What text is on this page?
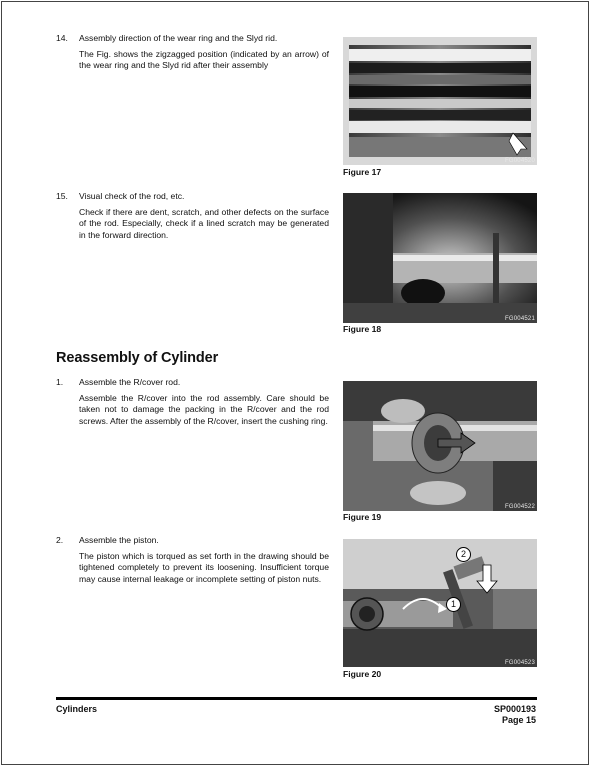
14. Assembly direction of the wear ring and the Slyd rid.
The Fig. shows the zigzagged position (indicated by an arrow) of the wear ring and the Slyd rid after their assembly
FG004520
Figure 17
15. Visual check of the rod, etc.
Check if there are dent, scratch, and other defects on the surface of the rod. Especially, check if a lined scratch may be generated in the forward direction.
FG004521
Figure 18
Reassembly of Cylinder
1. Assemble the R/cover rod.
Assemble the R/cover into the rod assembly. Care should be taken not to damage the packing in the R/cover and the rod screws. After the assembly of the R/cover, insert the cushing ring.
FG004522
Figure 19
2. Assemble the piston.
The piston which is torqued as set forth in the drawing should be tightened completely to prevent its loosening. Insufficient torque may cause internal leakage or incomplete setting of piston nuts.
2
1
FG004523
Figure 20
Cylinders	SP000193
Page 15
